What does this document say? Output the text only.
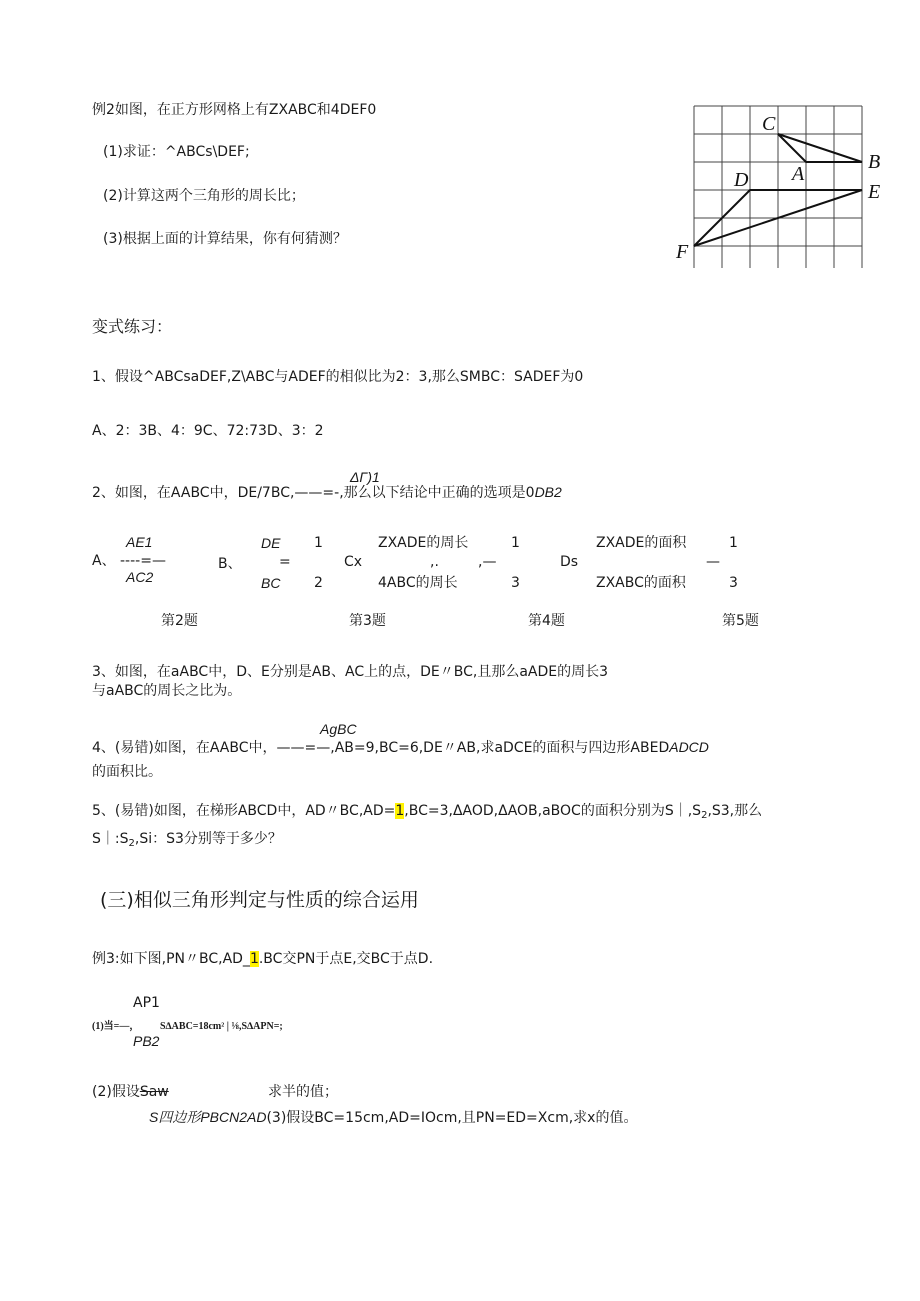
例2如图，在正方形网格上有ZXABC和4DEF0
(1)求证：^ABCs\DEF;
(2)计算这两个三角形的周长比；
(3)根据上面的计算结果，你有何猜测？
C
A
B
D
E
F
变式练习：
1、假设^ABCsaDEF,Z\ABC与ADEF的相似比为2：3,那么SMBC：SADEF为0
A、2：3B、4：9C、72:73D、3：2
ΔΓ)1
2、如图，在AABC中，DE/7BC,——=-,那么以下结论中正确的选项是0DB2
A、
AE1
----=—
AC2
B、
DE
=
BC
1
2
Cx
ZXADE的周长
,.	,—
4ABC的周长
1
3
Ds
ZXADE的面积
ZXABC的面积
—
1
3
第2题	第3题	第4题	第5题
3、如图，在aABC中，D、E分别是AB、AC上的点，DE〃BC,且那么aADE的周长3
与aABC的周长之比为。
AgBC
4、(易错)如图，在AABC中，——=—,AB=9,BC=6,DE〃AB,求aDCE的面积与四边形ABEDADCD
的面积比。
5、(易错)如图，在梯形ABCD中，AD〃BC,AD=1,BC=3,ΔAOD,ΔAOB,aBOC的面积分别为$S|,S_2,S3$,那么
$S|:S_2,Si$：S3分别等于多少？
(三)相似三角形判定与性质的综合运用
例3:如下图,PN〃BC,AD_1.BC交PN于点E,交BC于点D.
AP1
(1)当=—， S∆ABC=18cm² | ⅛,S∆APN=;
PB2
(2)假设Saw	求半的值；
S四边形PBCN2AD(3)假设BC=15cm,AD=IOcm,且PN=ED=Xcm,求x的值。
